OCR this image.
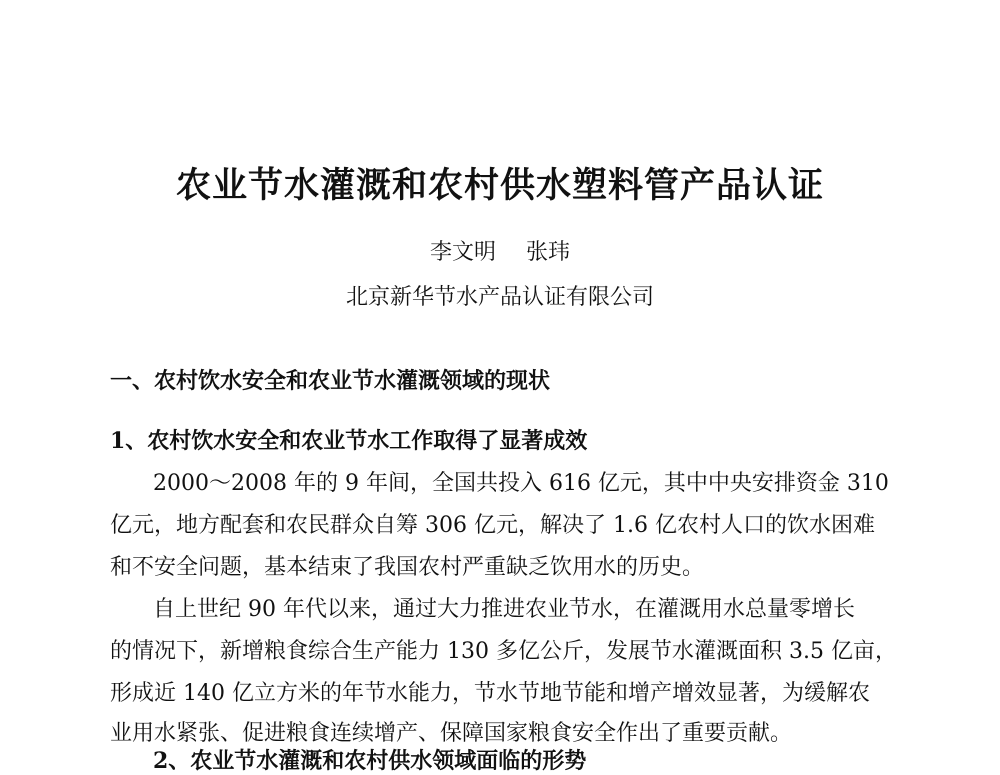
农业节水灌溉和农村供水塑料管产品认证
李文明 张玮
北京新华节水产品认证有限公司
一、农村饮水安全和农业节水灌溉领域的现状
1、农村饮水安全和农业节水工作取得了显著成效
2000～2008 年的 9 年间，全国共投入 616 亿元，其中中央安排资金 310
亿元，地方配套和农民群众自筹 306 亿元，解决了 1.6 亿农村人口的饮水困难
和不安全问题，基本结束了我国农村严重缺乏饮用水的历史。
自上世纪 90 年代以来，通过大力推进农业节水，在灌溉用水总量零增长
的情况下，新增粮食综合生产能力 130 多亿公斤，发展节水灌溉面积 3.5 亿亩，
形成近 140 亿立方米的年节水能力，节水节地节能和增产增效显著，为缓解农
业用水紧张、促进粮食连续增产、保障国家粮食安全作出了重要贡献。
2、农业节水灌溉和农村供水领域面临的形势
